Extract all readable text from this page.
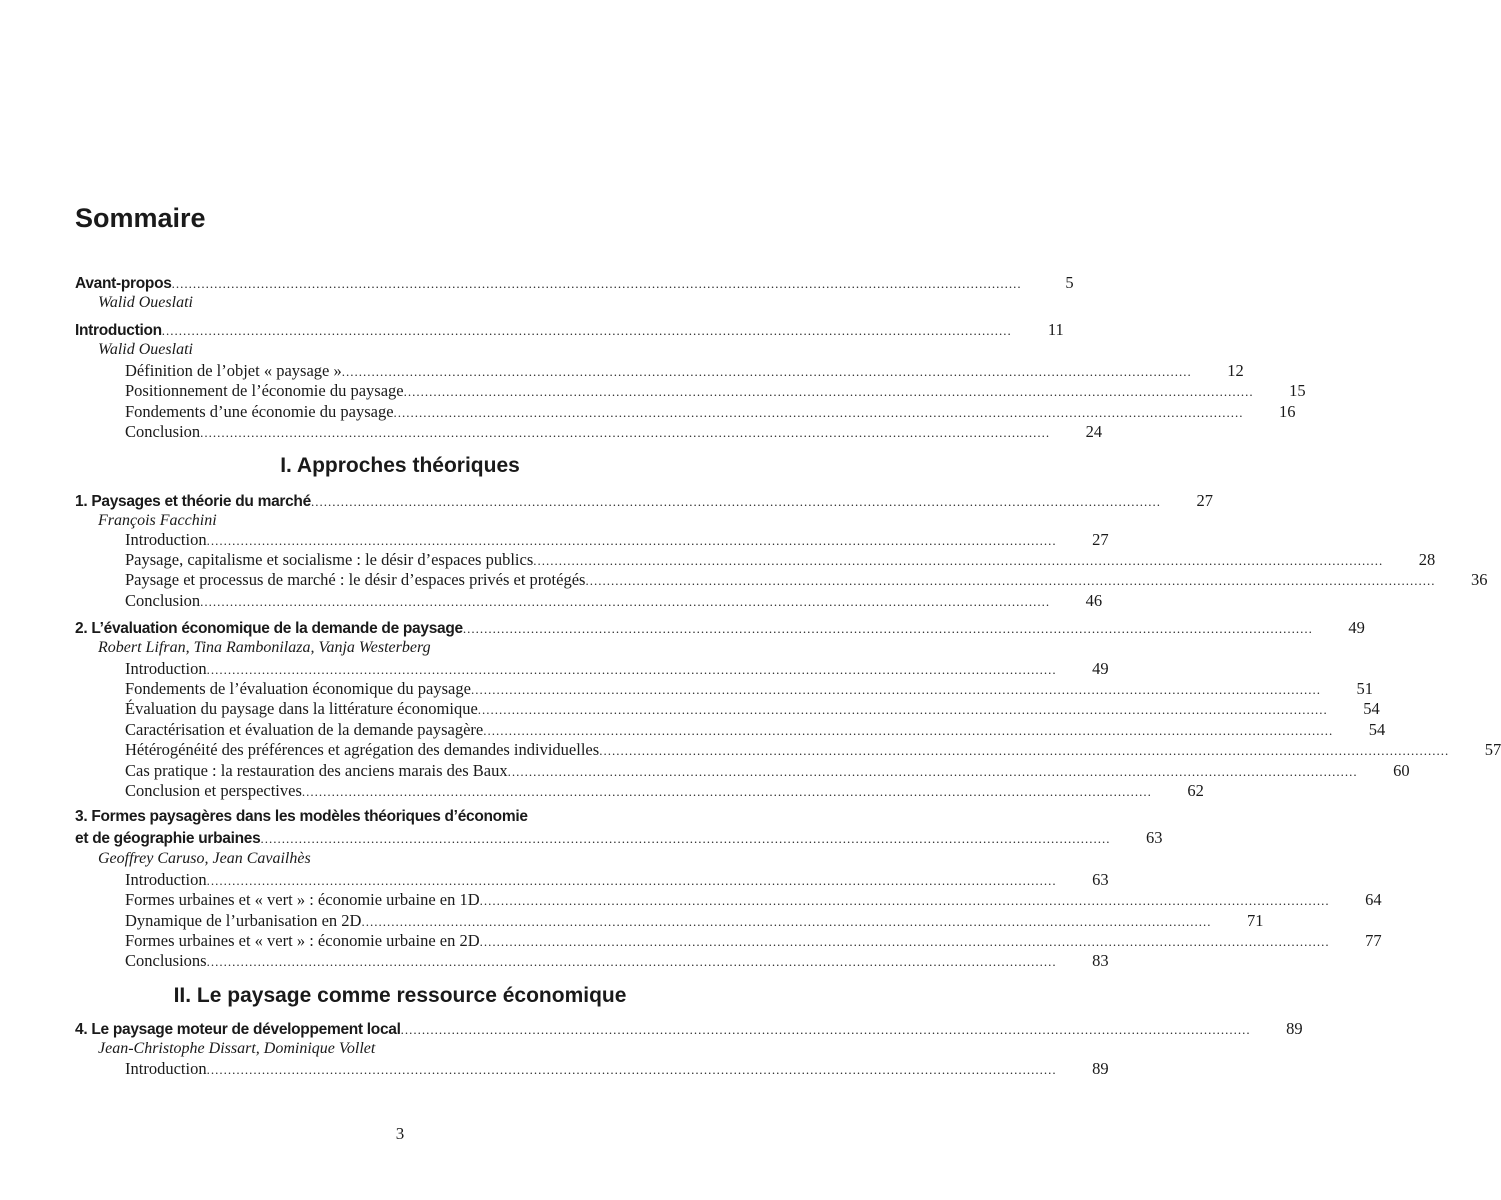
Sommaire
Avant-propos ........................................................................................................................................................................................................	5
Walid Oueslati
Introduction ........................................................................................................................................................................................................	11
Walid Oueslati
Définition de l’objet « paysage » ........................................................................................................................................................................................................	12
Positionnement de l’économie du paysage ........................................................................................................................................................................................................	15
Fondements d’une économie du paysage ........................................................................................................................................................................................................	16
Conclusion ........................................................................................................................................................................................................	24
I. Approches théoriques
1. Paysages et théorie du marché ........................................................................................................................................................................................................	27
François Facchini
Introduction ........................................................................................................................................................................................................	27
Paysage, capitalisme et socialisme : le désir d’espaces publics ........................................................................................................................................................................................................	28
Paysage et processus de marché : le désir d’espaces privés et protégés ........................................................................................................................................................................................................	36
Conclusion ........................................................................................................................................................................................................	46
2. L’évaluation économique de la demande de paysage ........................................................................................................................................................................................................	49
Robert Lifran, Tina Rambonilaza, Vanja Westerberg
Introduction ........................................................................................................................................................................................................	49
Fondements de l’évaluation économique du paysage ........................................................................................................................................................................................................	51
Évaluation du paysage dans la littérature économique ........................................................................................................................................................................................................	54
Caractérisation et évaluation de la demande paysagère ........................................................................................................................................................................................................	54
Hétérogénéité des préférences et agrégation des demandes individuelles ........................................................................................................................................................................................................	57
Cas pratique : la restauration des anciens marais des Baux ........................................................................................................................................................................................................	60
Conclusion et perspectives ........................................................................................................................................................................................................	62
3. Formes paysagères dans les modèles théoriques d’économie
et de géographie urbaines ........................................................................................................................................................................................................	63
Geoffrey Caruso, Jean Cavailhès
Introduction ........................................................................................................................................................................................................	63
Formes urbaines et « vert » : économie urbaine en 1D ........................................................................................................................................................................................................	64
Dynamique de l’urbanisation en 2D ........................................................................................................................................................................................................	71
Formes urbaines et « vert » : économie urbaine en 2D ........................................................................................................................................................................................................	77
Conclusions ........................................................................................................................................................................................................	83
II. Le paysage comme ressource économique
4. Le paysage moteur de développement local ........................................................................................................................................................................................................	89
Jean-Christophe Dissart, Dominique Vollet
Introduction ........................................................................................................................................................................................................	89
3
